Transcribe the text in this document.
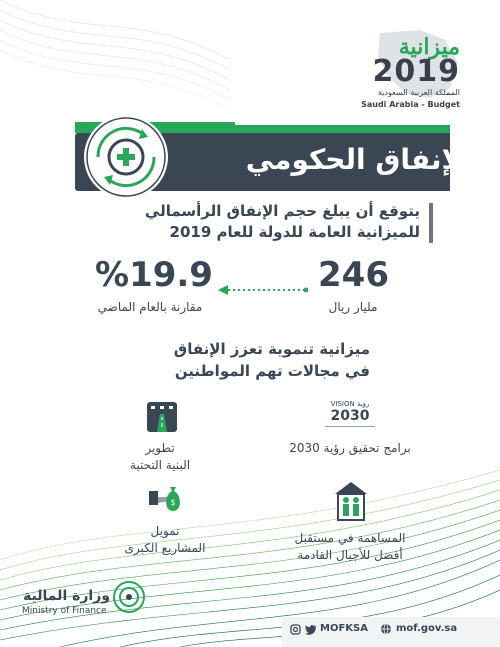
ميزانية
2019
المملكة العربية السعودية
Saudi Arabia - Budget
الإنفاق الحكومي
يتوقع أن يبلغ حجم الإنفاق الرأسمالي
للميزانية العامة للدولة للعام 2019
246
مليار ريال
%19.9
مقارنة بالعام الماضي
ميزانية تنموية تعزز الإنفاق
في مجالات تهم المواطنين
VISION رؤية
2030
برامج تحقيق رؤية 2030
تطوير
البنية التحتية
المساهمة في مستقبل
أفضل للأجيال القادمة
$
تمويل
المشاريع الكبرى
وزارة المالية
Ministry of Finance
MOFKSA	mof.gov.sa
